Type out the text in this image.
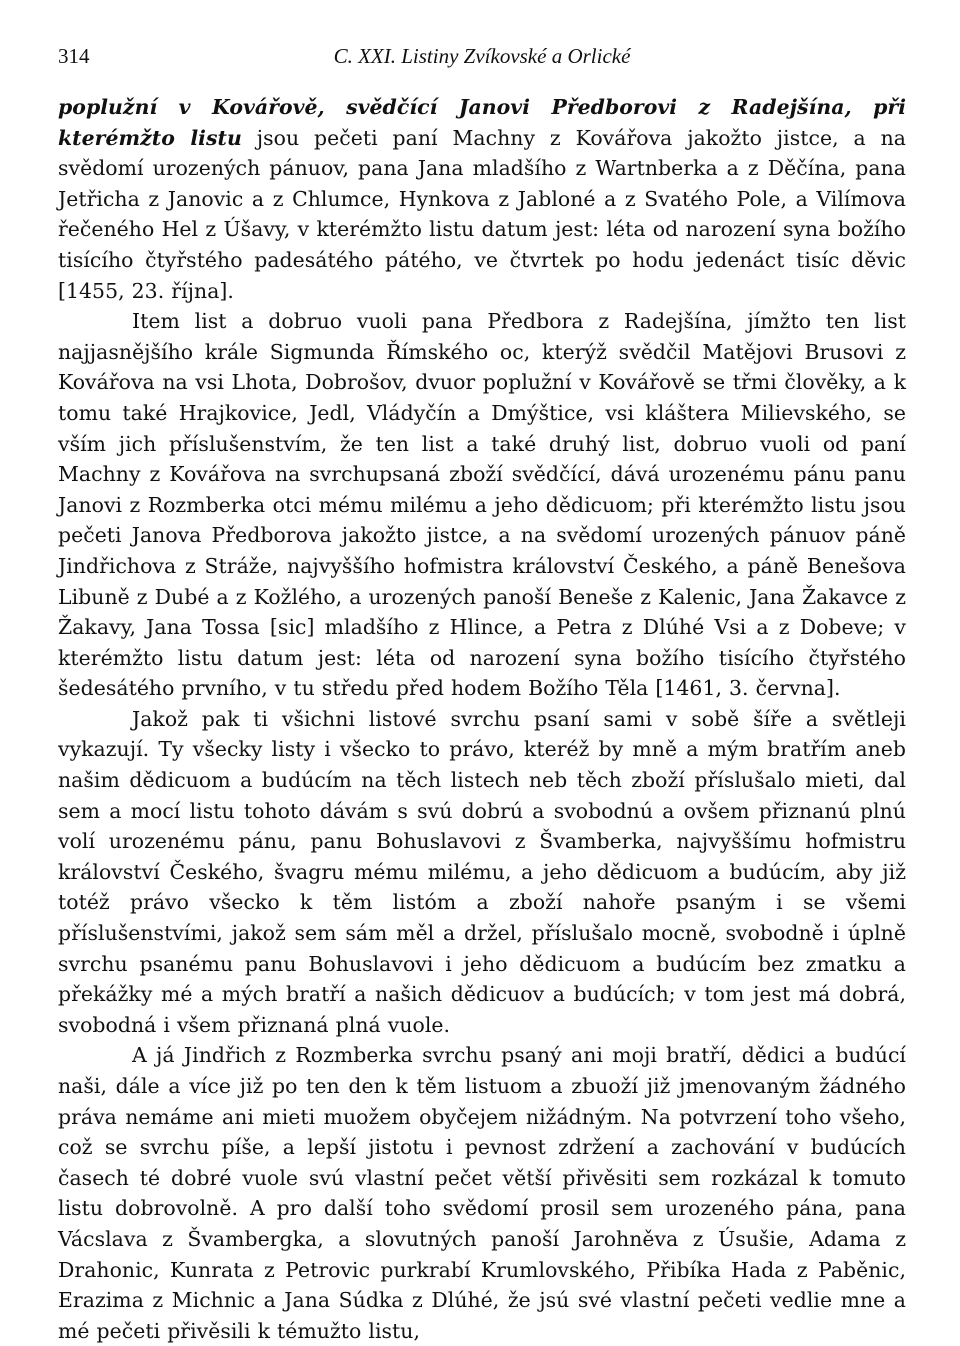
314	C. XXI. Listiny Zvíkovské a Orlické

poplužní v Kovářově, svědčící Janovi Předborovi z Radejšína, při kterémžto listu jsou pečeti paní Machny z Kovářova jakožto jistce, a na svědomí urozených pánuov, pana Jana mladšího z Wartnberka a z Děčína, pana Jetřicha z Janovic a z Chlumce, Hynkova z Jabloné a z Svatého Pole, a Vilímova řečeného Hel z Úšavy, v kterémžto listu datum jest: léta od narození syna božího tisícího čtyřstého padesátého pátého, ve čtvrtek po hodu jedenáct tisíc děvic [1455, 23. října].

Item list a dobruo vuoli pana Předbora z Radejšína, jímžto ten list najjasnějšího krále Sigmunda Římského oc, kterýž svědčil Matějovi Brusovi z Kovářova na vsi Lhota, Dobrošov, dvuor poplužní v Kovářově se třmi člověky, a k tomu také Hrajkovice, Jedl, Vládyčín a Dmýštice, vsi kláštera Milievského, se vším jich příslušenstvím, že ten list a také druhý list, dobruo vuoli od paní Machny z Kovářova na svrchupsaná zboží svědčící, dává urozenému pánu panu Janovi z Rozmberka otci mému milému a jeho dědicuom; při kterémžto listu jsou pečeti Janova Předborova jakožto jistce, a na svědomí urozených pánuov páně Jindřichova z Stráže, najvyššího hofmistra království Českého, a páně Benešova Libuně z Dubé a z Kožlého, a urozených panoší Beneše z Kalenic, Jana Žakavce z Žakavy, Jana Tossa [sic] mladšího z Hlince, a Petra z Dlúhé Vsi a z Dobeve; v kterémžto listu datum jest: léta od narození syna božího tisícího čtyřstého šedesátého prvního, v tu středu před hodem Božího Těla [1461, 3. června].

Jakož pak ti všichni listové svrchu psaní sami v sobě šíře a světleji vykazují. Ty všecky listy i všecko to právo, kteréž by mně a mým bratřím aneb našim dědicuom a budúcím na těch listech neb těch zboží příslušalo mieti, dal sem a mocí listu tohoto dávám s svú dobrú a svobodnú a ovšem přiznanú plnú volí urozenému pánu, panu Bohuslavovi z Švamberka, najvyššímu hofmistru království Českého, švagru mému milému, a jeho dědicuom a budúcím, aby již totéž právo všecko k těm listóm a zboží nahoře psaným i se všemi příslušenstvími, jakož sem sám měl a držel, příslušalo mocně, svobodně i úplně svrchu psanému panu Bohuslavovi i jeho dědicuom a budúcím bez zmatku a překážky mé a mých bratří a našich dědicuov a budúcích; v tom jest má dobrá, svobodná i všem přiznaná plná vuole.

A já Jindřich z Rozmberka svrchu psaný ani moji bratří, dědici a budúcí naši, dále a více již po ten den k těm listuom a zbuoží již jmenovaným žádného práva nemáme ani mieti muožem obyčejem nižádným. Na potvrzení toho všeho, což se svrchu píše, a lepší jistotu i pevnost zdržení a zachování v budúcích časech té dobré vuole svú vlastní pečet větší přivěsiti sem rozkázal k tomuto listu dobrovolně. A pro další toho svědomí prosil sem urozeného pána, pana Vácslava z Švambergka, a slovutných panoší Jarohněva z Úsušie, Adama z Drahonic, Kunrata z Petrovic purkrabí Krumlovského, Přibíka Hada z Paběnic, Erazima z Michnic a Jana Súdka z Dlúhé, že jsú své vlastní pečeti vedlie mne a mé pečeti přivěsili k témužto listu,
